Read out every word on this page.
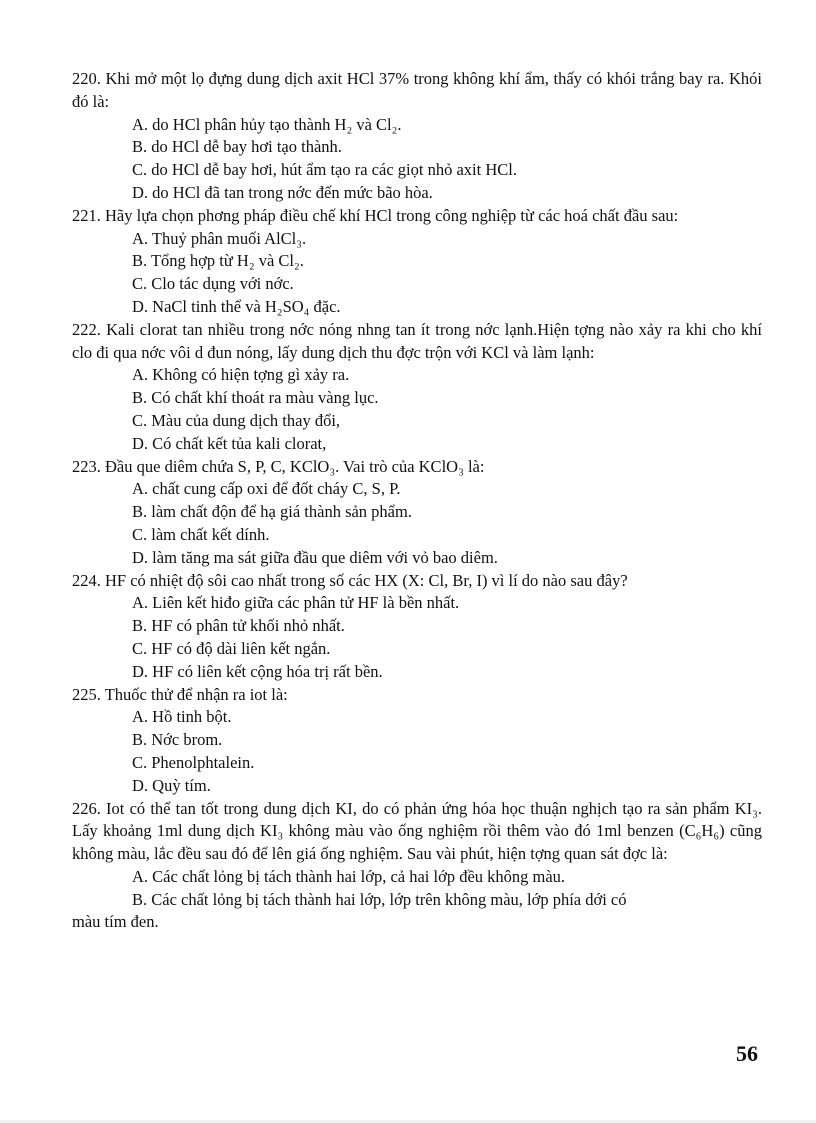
220. Khi mở một lọ đựng dung dịch axit HCl 37% trong không khí ẩm, thấy có khói trắng bay ra. Khói đó là:
A. do HCl phân hủy tạo thành H₂ và Cl₂.
B. do HCl dễ bay hơi tạo thành.
C. do HCl dễ bay hơi, hút ẩm tạo ra các giọt nhỏ axit HCl.
D. do HCl đã tan trong nớc đến mức bão hòa.
221. Hãy lựa chọn phơng pháp điều chế khí HCl trong công nghiệp từ các hoá chất đầu sau:
A. Thuỷ phân muối AlCl₃.
B. Tổng hợp từ H₂ và Cl₂.
C. Clo tác dụng với nớc.
D. NaCl tinh thể và H₂SO₄ đặc.
222. Kali clorat tan nhiều trong nớc nóng nhng tan ít trong nớc lạnh.Hiện tợng nào xảy ra khi cho khí clo đi qua nớc vôi d đun nóng, lấy dung dịch thu đợc trộn với KCl và làm lạnh:
A. Không có hiện tợng gì xảy ra.
B. Có chất khí thoát ra màu vàng lục.
C. Màu của dung dịch thay đổi,
D. Có chất kết tủa kali clorat,
223. Đầu que diêm chứa S, P, C, KClO₃. Vai trò của KClO₃ là:
A. chất cung cấp oxi để đốt cháy C, S, P.
B. làm chất độn để hạ giá thành sản phẩm.
C. làm chất kết dính.
D. làm tăng ma sát giữa đầu que diêm với vỏ bao diêm.
224. HF có nhiệt độ sôi cao nhất trong số các HX (X: Cl, Br, I) vì lí do nào sau đây?
A. Liên kết hiđo giữa các phân tử HF là bền nhất.
B. HF có phân tử khối nhỏ nhất.
C. HF có độ dài liên kết ngắn.
D. HF có liên kết cộng hóa trị rất bền.
225. Thuốc thử để nhận ra iot là:
A. Hồ tinh bột.
B. Nớc brom.
C. Phenolphtalein.
D. Quỳ tím.
226. Iot có thể tan tốt trong dung dịch KI, do có phản ứng hóa học thuận nghịch tạo ra sản phẩm KI₃. Lấy khoảng 1ml dung dịch KI₃ không màu vào ống nghiệm rồi thêm vào đó 1ml benzen (C₆H₆) cũng không màu, lắc đều sau đó để lên giá ống nghiệm. Sau vài phút, hiện tợng quan sát đợc là:
A. Các chất lỏng bị tách thành hai lớp, cả hai lớp đều không màu.
B. Các chất lỏng bị tách thành hai lớp, lớp trên không màu, lớp phía dới có
màu tím đen.
56
